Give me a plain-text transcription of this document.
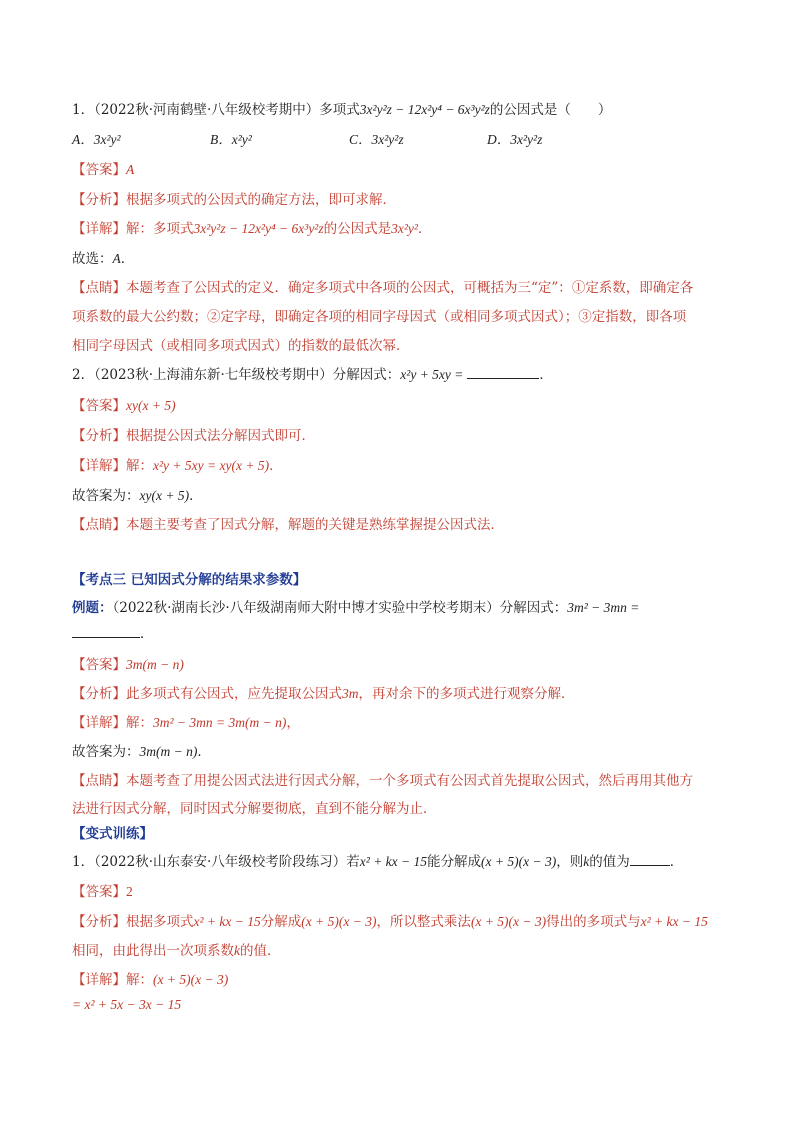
1．（2022秋·河南鹤壁·八年级校考期中）多项式3x²y²z − 12x²y⁴ − 6x³y²z的公因式是（　　）
A．3x²y²	B．x²y²	C．3x²y²z	D．3x²y²z
【答案】A
【分析】根据多项式的公因式的确定方法，即可求解．
【详解】解：多项式3x²y²z − 12x²y⁴ − 6x³y²z的公因式是3x²y²．
故选：A．
【点睛】本题考查了公因式的定义．确定多项式中各项的公因式，可概括为三“定”：①定系数，即确定各
项系数的最大公约数；②定字母，即确定各项的相同字母因式（或相同多项式因式）；③定指数，即各项
相同字母因式（或相同多项式因式）的指数的最低次幂．
2．（2023秋·上海浦东新·七年级校考期中）分解因式：x²y + 5xy =	．
【答案】xy(x + 5)
【分析】根据提公因式法分解因式即可．
【详解】解：x²y + 5xy = xy(x + 5)．
故答案为：xy(x + 5)．
【点睛】本题主要考查了因式分解，解题的关键是熟练掌握提公因式法．
【考点三 已知因式分解的结果求参数】
例题：（2022秋·湖南长沙·八年级湖南师大附中博才实验中学校考期末）分解因式：3m² − 3mn =
．
【答案】3m(m − n)
【分析】此多项式有公因式，应先提取公因式3m，再对余下的多项式进行观察分解．
【详解】解：3m² − 3mn = 3m(m − n)，
故答案为：3m(m − n)．
【点睛】本题考查了用提公因式法进行因式分解，一个多项式有公因式首先提取公因式，然后再用其他方
法进行因式分解，同时因式分解要彻底，直到不能分解为止．
【变式训练】
1．（2022秋·山东泰安·八年级校考阶段练习）若x² + kx − 15能分解成(x + 5)(x − 3)，则k的值为	．
【答案】2
【分析】根据多项式x² + kx − 15分解成(x + 5)(x − 3)，所以整式乘法(x + 5)(x − 3)得出的多项式与x² + kx − 15
相同，由此得出一次项系数k的值．
【详解】解：(x + 5)(x − 3)
= x² + 5x − 3x − 15
